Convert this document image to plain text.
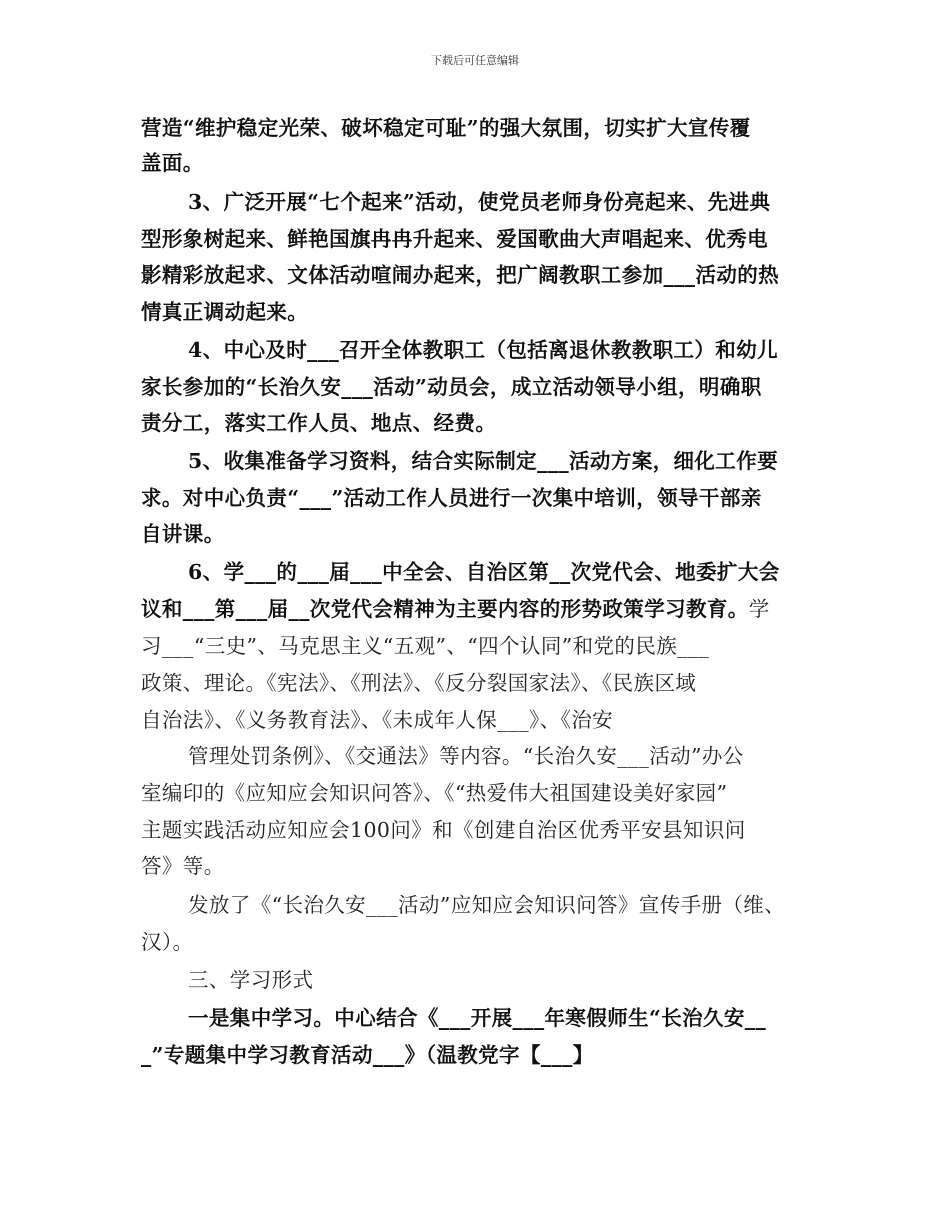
下载后可任意编辑
营造“维护稳定光荣、破坏稳定可耻”的强大氛围，切实扩大宣传覆
盖面。
3、广泛开展“七个起来”活动，使党员老师身份亮起来、先进典
型形象树起来、鲜艳国旗冉冉升起来、爱国歌曲大声唱起来、优秀电
影精彩放起求、文体活动喧闹办起来，把广阔教职工参加___活动的热
情真正调动起来。
4、中心及时___召开全体教职工（包括离退休教教职工）和幼儿
家长参加的“长治久安___活动”动员会，成立活动领导小组，明确职
责分工，落实工作人员、地点、经费。
5、收集准备学习资料，结合实际制定___活动方案，细化工作要
求。对中心负责“___”活动工作人员进行一次集中培训，领导干部亲
自讲课。
6、学___的___届___中全会、自治区第__次党代会、地委扩大会
议和___第___届__次党代会精神为主要内容的形势政策学习教育。学
习___“三史”、马克思主义“五观”、“四个认同”和党的民族___
政策、理论。《宪法》、《刑法》、《反分裂国家法》、《民族区域
自治法》、《义务教育法》、《未成年人保___》、《治安
管理处罚条例》、《交通法》等内容。“长治久安___活动”办公
室编印的《应知应会知识问答》、《“热爱伟大祖国建设美好家园”
主题实践活动应知应会100问》和《创建自治区优秀平安县知识问
答》等。
发放了《“长治久安___活动”应知应会知识问答》宣传手册（维、
汉）。
三、学习形式
一是集中学习。中心结合《___开展___年寒假师生“长治久安__
_”专题集中学习教育活动___》（温教党字【___】
